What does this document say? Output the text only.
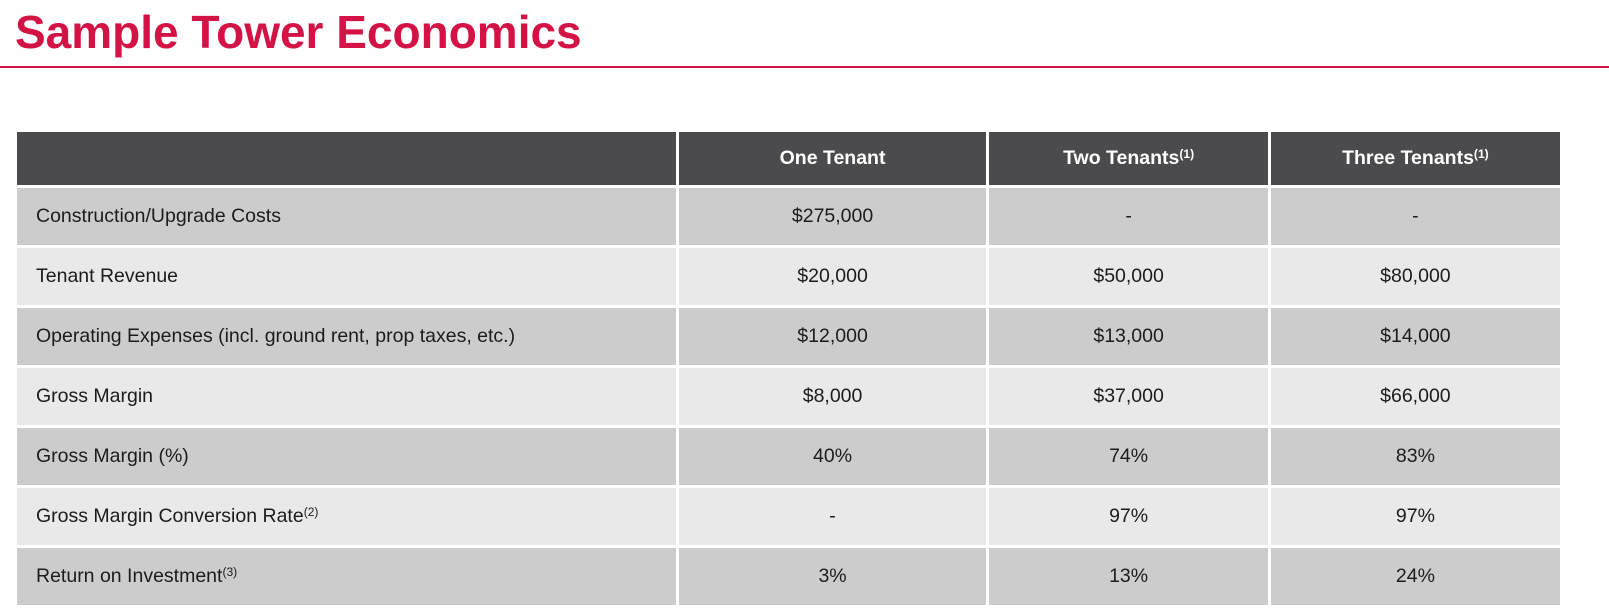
Sample Tower Economics
	One Tenant	Two Tenants$^{(1)}$	Three Tenants$^{(1)}$
Construction/Upgrade Costs	$275,000	-	-
Tenant Revenue	$20,000	$50,000	$80,000
Operating Expenses (incl. ground rent, prop taxes, etc.)	$12,000	$13,000	$14,000
Gross Margin	$8,000	$37,000	$66,000
Gross Margin (%)	40%	74%	83%
Gross Margin Conversion Rate$^{(2)}$	-	97%	97%
Return on Investment$^{(3)}$	3%	13%	24%
